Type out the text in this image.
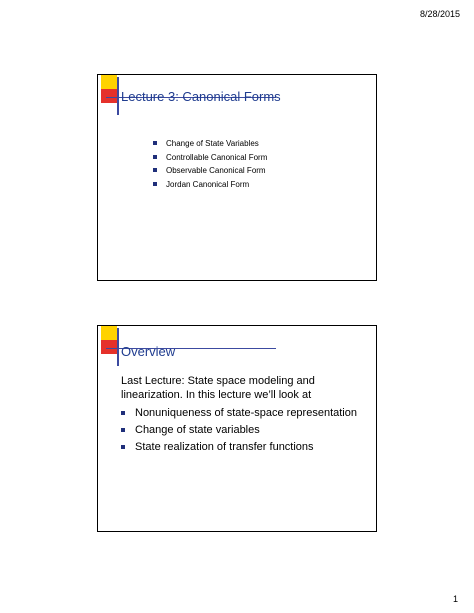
8/28/2015
Lecture 3: Canonical Forms
Change of State Variables
Controllable Canonical Form
Observable Canonical Form
Jordan Canonical Form
Overview
Last Lecture: State space modeling and linearization. In this lecture we’ll look at
Nonuniqueness of state-space representation
Change of state variables
State realization of transfer functions
1
